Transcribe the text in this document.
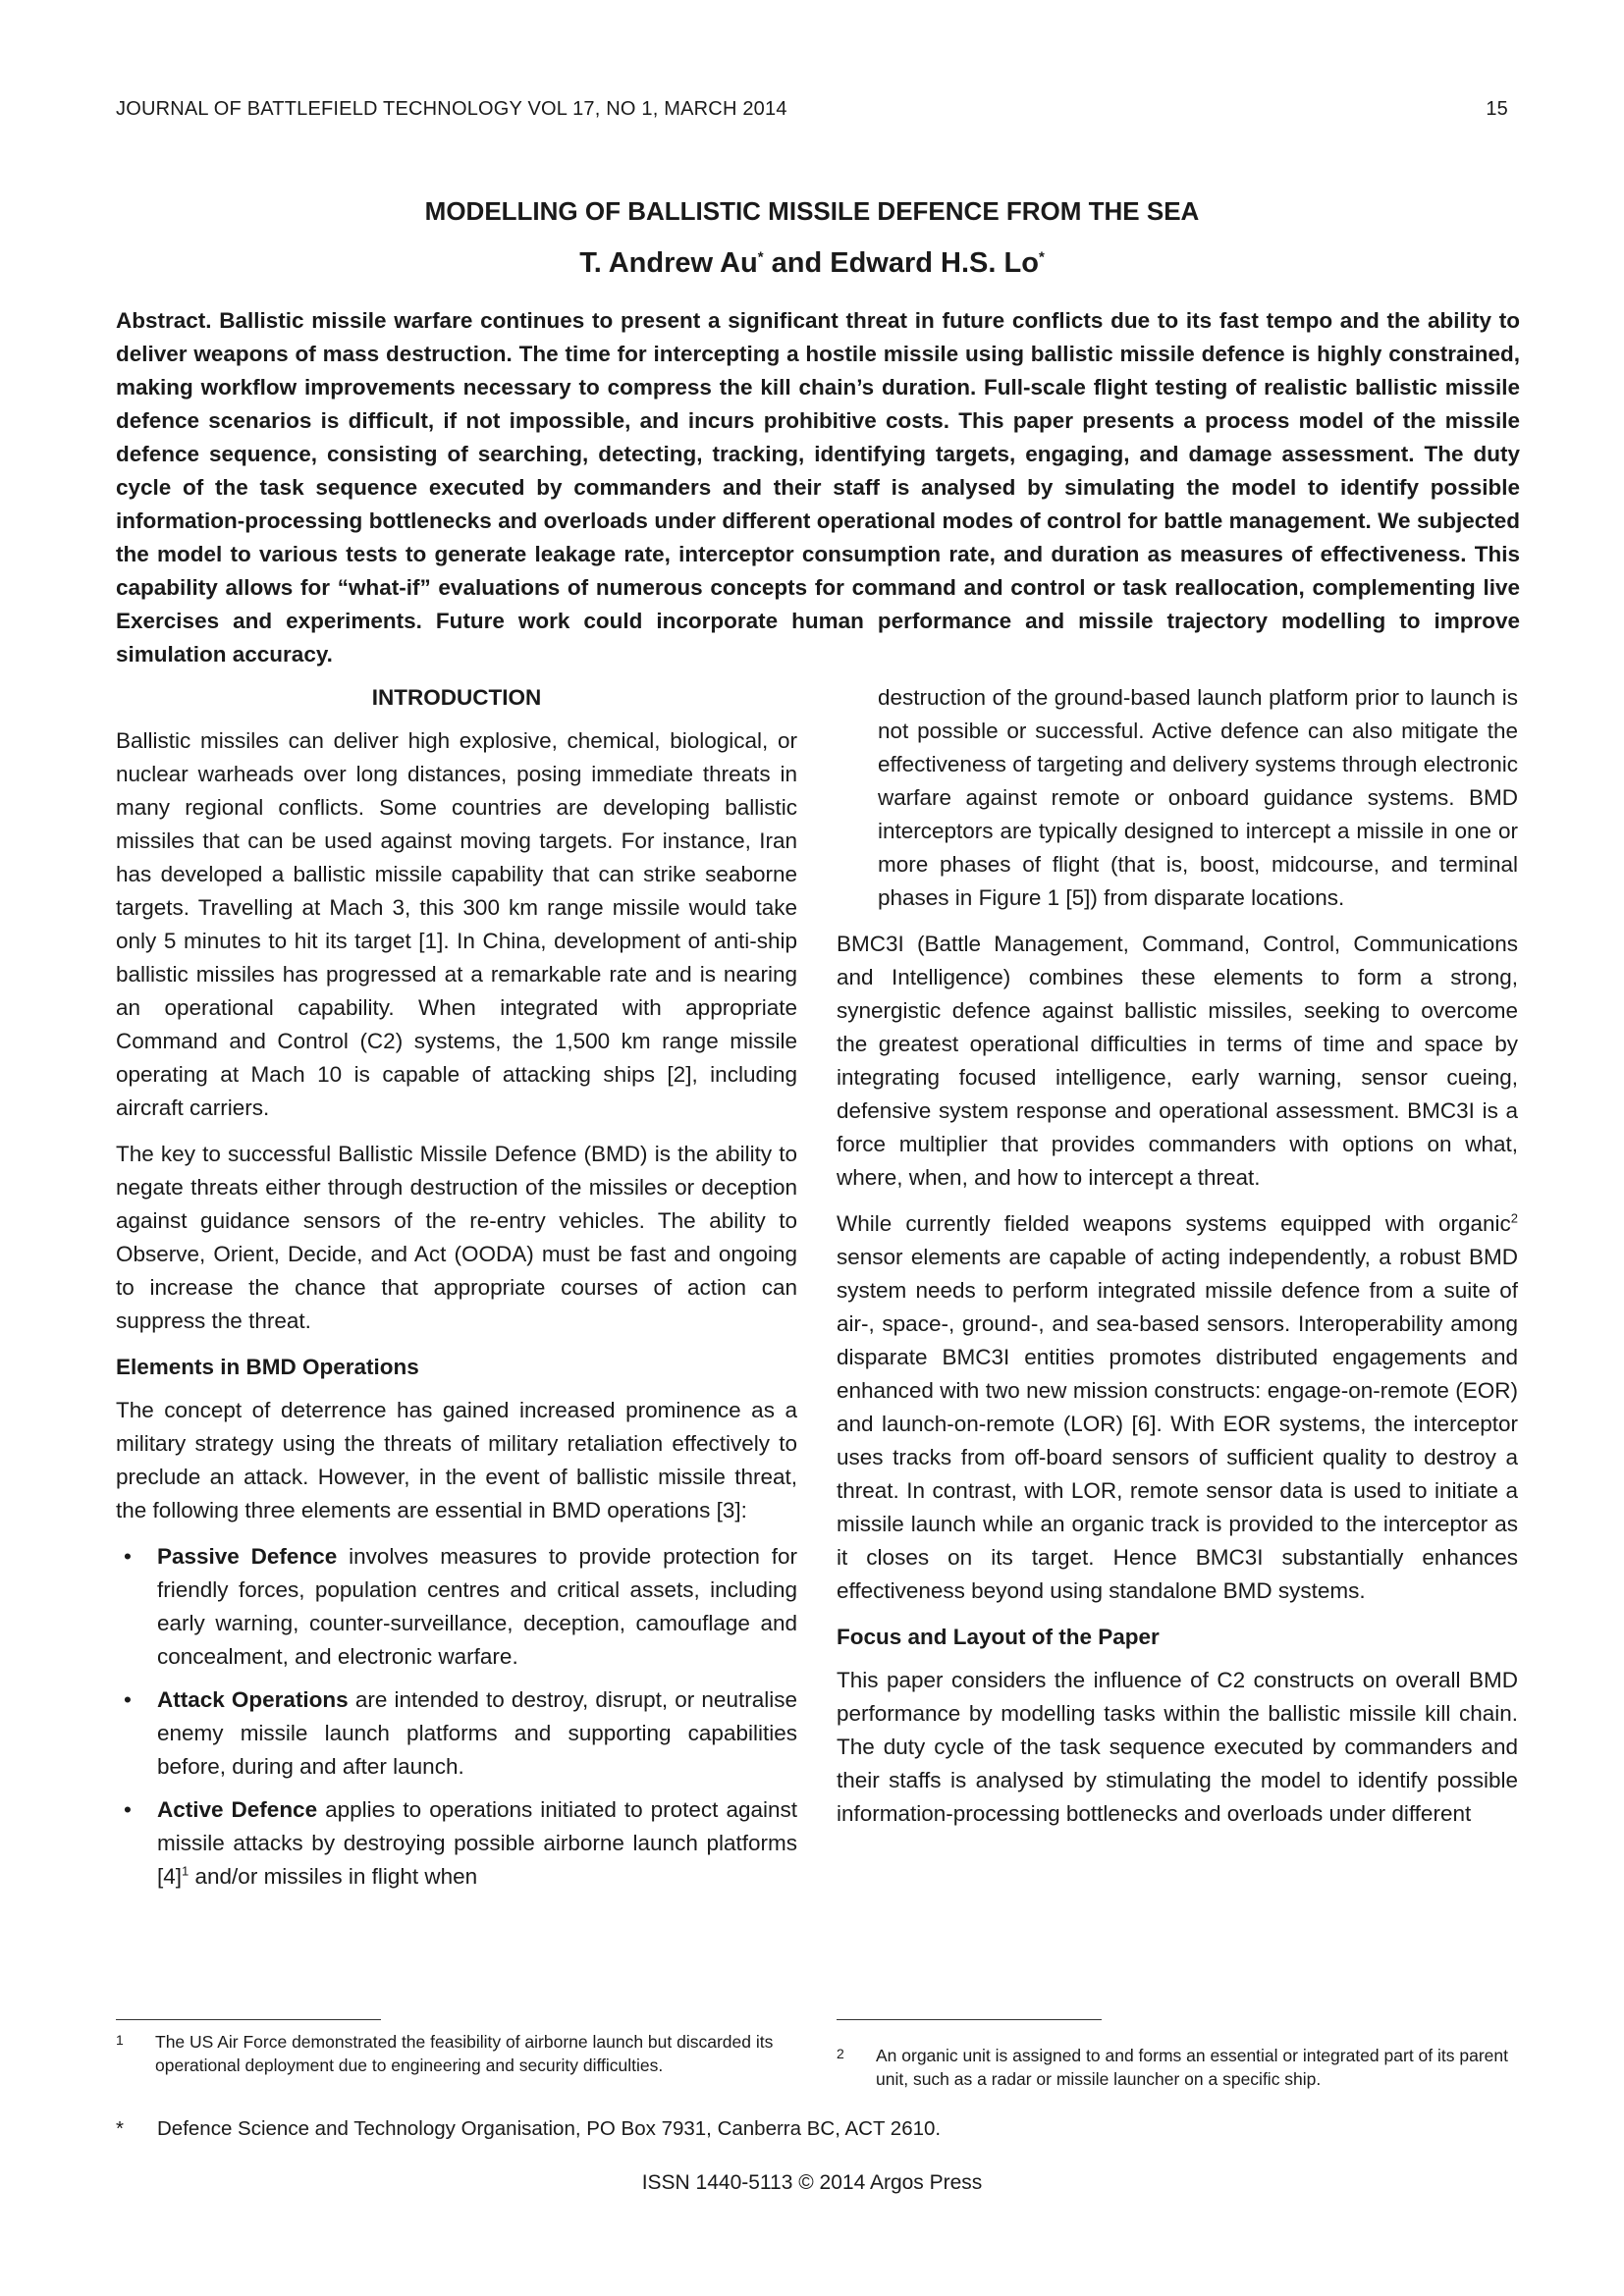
JOURNAL OF BATTLEFIELD TECHNOLOGY VOL 17, NO 1, MARCH 2014	15
MODELLING OF BALLISTIC MISSILE DEFENCE FROM THE SEA
T. Andrew Au* and Edward H.S. Lo*
Abstract. Ballistic missile warfare continues to present a significant threat in future conflicts due to its fast tempo and the ability to deliver weapons of mass destruction. The time for intercepting a hostile missile using ballistic missile defence is highly constrained, making workflow improvements necessary to compress the kill chain’s duration. Full-scale flight testing of realistic ballistic missile defence scenarios is difficult, if not impossible, and incurs prohibitive costs. This paper presents a process model of the missile defence sequence, consisting of searching, detecting, tracking, identifying targets, engaging, and damage assessment. The duty cycle of the task sequence executed by commanders and their staff is analysed by simulating the model to identify possible information-processing bottlenecks and overloads under different operational modes of control for battle management. We subjected the model to various tests to generate leakage rate, interceptor consumption rate, and duration as measures of effectiveness. This capability allows for “what-if” evaluations of numerous concepts for command and control or task reallocation, complementing live Exercises and experiments. Future work could incorporate human performance and missile trajectory modelling to improve simulation accuracy.
INTRODUCTION

Ballistic missiles can deliver high explosive, chemical, biological, or nuclear warheads over long distances, posing immediate threats in many regional conflicts. Some countries are developing ballistic missiles that can be used against moving targets. For instance, Iran has developed a ballistic missile capability that can strike seaborne targets. Travelling at Mach 3, this 300 km range missile would take only 5 minutes to hit its target [1]. In China, development of anti-ship ballistic missiles has progressed at a remarkable rate and is nearing an operational capability. When integrated with appropriate Command and Control (C2) systems, the 1,500 km range missile operating at Mach 10 is capable of attacking ships [2], including aircraft carriers.

The key to successful Ballistic Missile Defence (BMD) is the ability to negate threats either through destruction of the missiles or deception against guidance sensors of the re-entry vehicles. The ability to Observe, Orient, Decide, and Act (OODA) must be fast and ongoing to increase the chance that appropriate courses of action can suppress the threat.

Elements in BMD Operations

The concept of deterrence has gained increased prominence as a military strategy using the threats of military retaliation effectively to preclude an attack. However, in the event of ballistic missile threat, the following three elements are essential in BMD operations [3]:

• Passive Defence involves measures to provide protection for friendly forces, population centres and critical assets, including early warning, counter-surveillance, deception, camouflage and concealment, and electronic warfare.
• Attack Operations are intended to destroy, disrupt, or neutralise enemy missile launch platforms and supporting capabilities before, during and after launch.
• Active Defence applies to operations initiated to protect against missile attacks by destroying possible airborne launch platforms $[4]^1$ and/or missiles in flight when

destruction of the ground-based launch platform prior to launch is not possible or successful. Active defence can also mitigate the effectiveness of targeting and delivery systems through electronic warfare against remote or onboard guidance systems. BMD interceptors are typically designed to intercept a missile in one or more phases of flight (that is, boost, midcourse, and terminal phases in Figure 1 [5]) from disparate locations.

BMC3I (Battle Management, Command, Control, Communications and Intelligence) combines these elements to form a strong, synergistic defence against ballistic missiles, seeking to overcome the greatest operational difficulties in terms of time and space by integrating focused intelligence, early warning, sensor cueing, defensive system response and operational assessment. BMC3I is a force multiplier that provides commanders with options on what, where, when, and how to intercept a threat.

While currently fielded weapons systems equipped with organic$^2$ sensor elements are capable of acting independently, a robust BMD system needs to perform integrated missile defence from a suite of air-, space-, ground-, and sea-based sensors. Interoperability among disparate BMC3I entities promotes distributed engagements and enhanced with two new mission constructs: engage-on-remote (EOR) and launch-on-remote (LOR) [6]. With EOR systems, the interceptor uses tracks from off-board sensors of sufficient quality to destroy a threat. In contrast, with LOR, remote sensor data is used to initiate a missile launch while an organic track is provided to the interceptor as it closes on its target. Hence BMC3I substantially enhances effectiveness beyond using standalone BMD systems.

Focus and Layout of the Paper

This paper considers the influence of C2 constructs on overall BMD performance by modelling tasks within the ballistic missile kill chain. The duty cycle of the task sequence executed by commanders and their staffs is analysed by stimulating the model to identify possible information-processing bottlenecks and overloads under different

1 The US Air Force demonstrated the feasibility of airborne launch but discarded its operational deployment due to engineering and security difficulties.
2 An organic unit is assigned to and forms an essential or integrated part of its parent unit, such as a radar or missile launcher on a specific ship.
* Defence Science and Technology Organisation, PO Box 7931, Canberra BC, ACT 2610.
ISSN 1440-5113 © 2014 Argos Press
